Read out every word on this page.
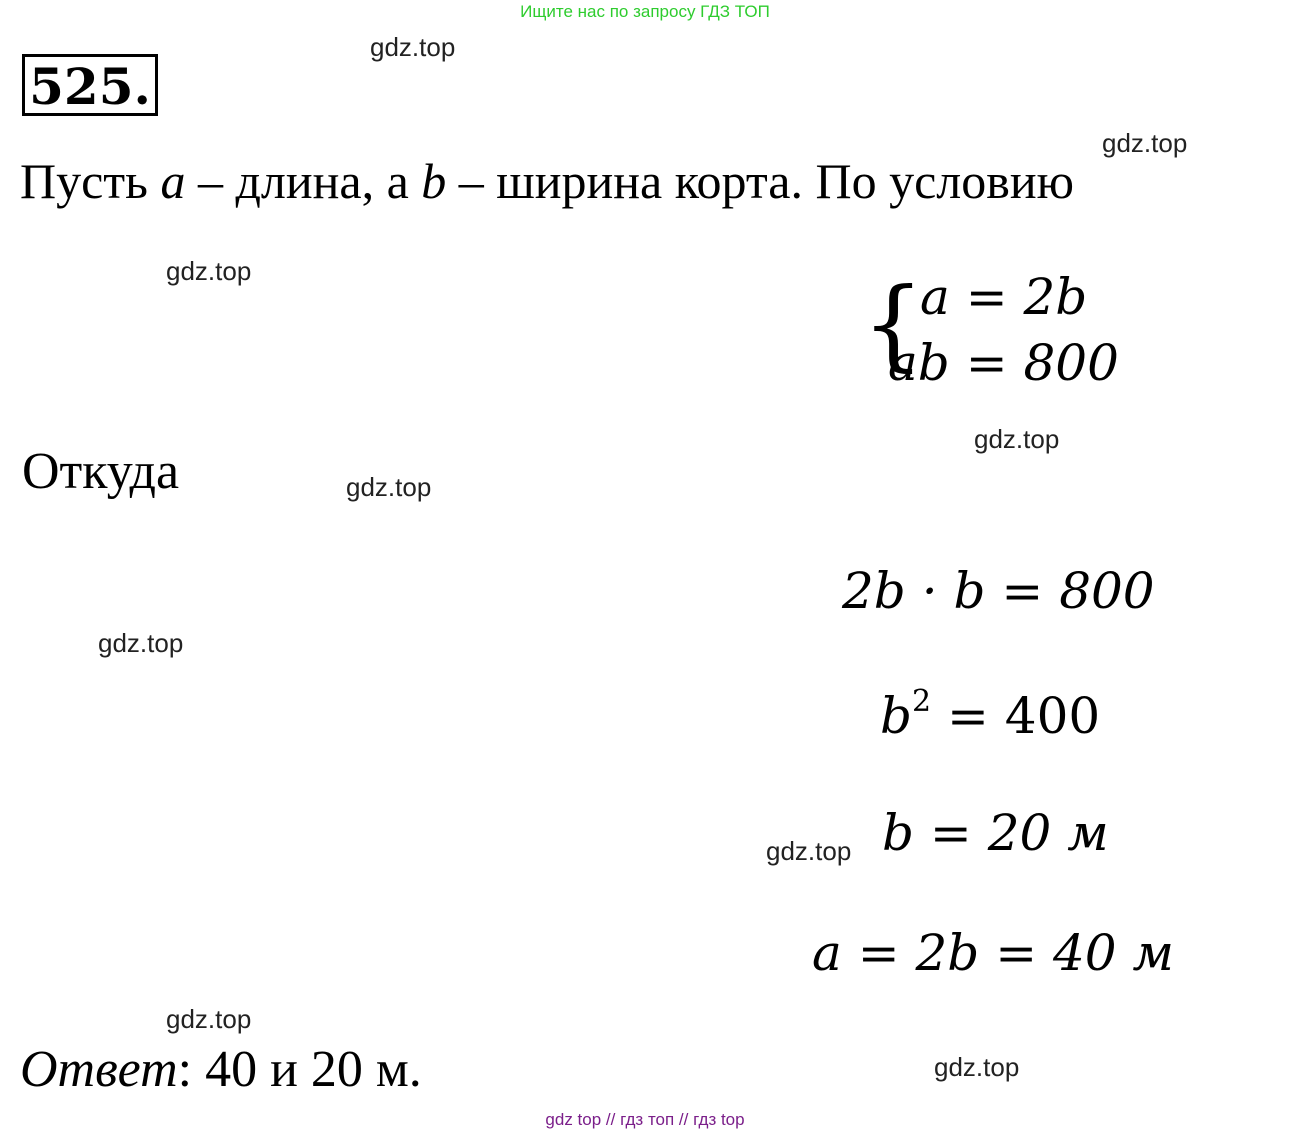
Ищите нас по запросу ГДЗ ТОП
525.
Пусть a – длина, а b – ширина корта. По условию
{
a = 2b
ab = 800
Откуда
2b · b = 800
$b^2 = 400$
b = 20 м
a = 2b = 40 м
Ответ: 40 и 20 м.
gdz.top
gdz.top
gdz.top
gdz.top
gdz.top
gdz.top
gdz.top
gdz.top
gdz.top
gdz top // гдз топ // гдз top
